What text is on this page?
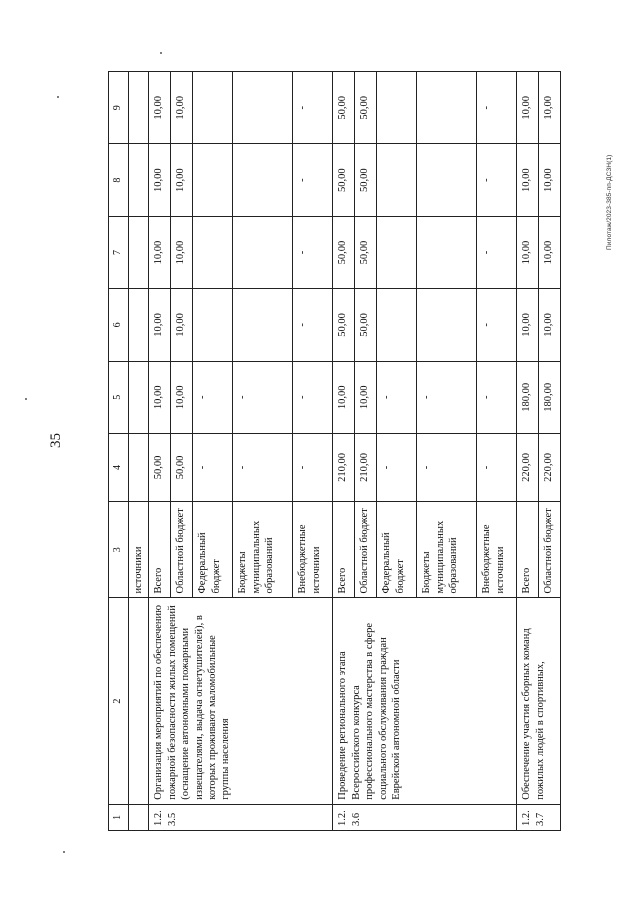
35
Пилотаж/2023-385-пп-ДСЗН(1)
1	2	3	4	5	6	7	8	9
		источники						
1.2.3.5	Организация мероприятий по обеспечению пожарной безопасности жилых помещений (оснащение автономными пожарными извещателями, выдача огнетушителей), в которых проживают маломобильные группы населения	Всего	50,00	10,00	10,00	10,00	10,00	10,00
		Областной бюджет	50,00	10,00	10,00	10,00	10,00	10,00
		Федеральный бюджет	-	-				
		Бюджеты муниципальных образований	-	-				
		Внебюджетные источники	-	-	-	-	-	-
1.2.3.6	Проведение регионального этапа Всероссийского конкурса профессионального мастерства в сфере социального обслуживания граждан Еврейской автономной области	Всего	210,00	10,00	50,00	50,00	50,00	50,00
		Областной бюджет	210,00	10,00	50,00	50,00	50,00	50,00
		Федеральный бюджет	-	-				
		Бюджеты муниципальных образований	-	-				
		Внебюджетные источники	-	-	-	-	-	-
1.2.3.7	Обеспечение участия сборных команд пожилых людей в спортивных,	Всего	220,00	180,00	10,00	10,00	10,00	10,00
		Областной бюджет	220,00	180,00	10,00	10,00	10,00	10,00
